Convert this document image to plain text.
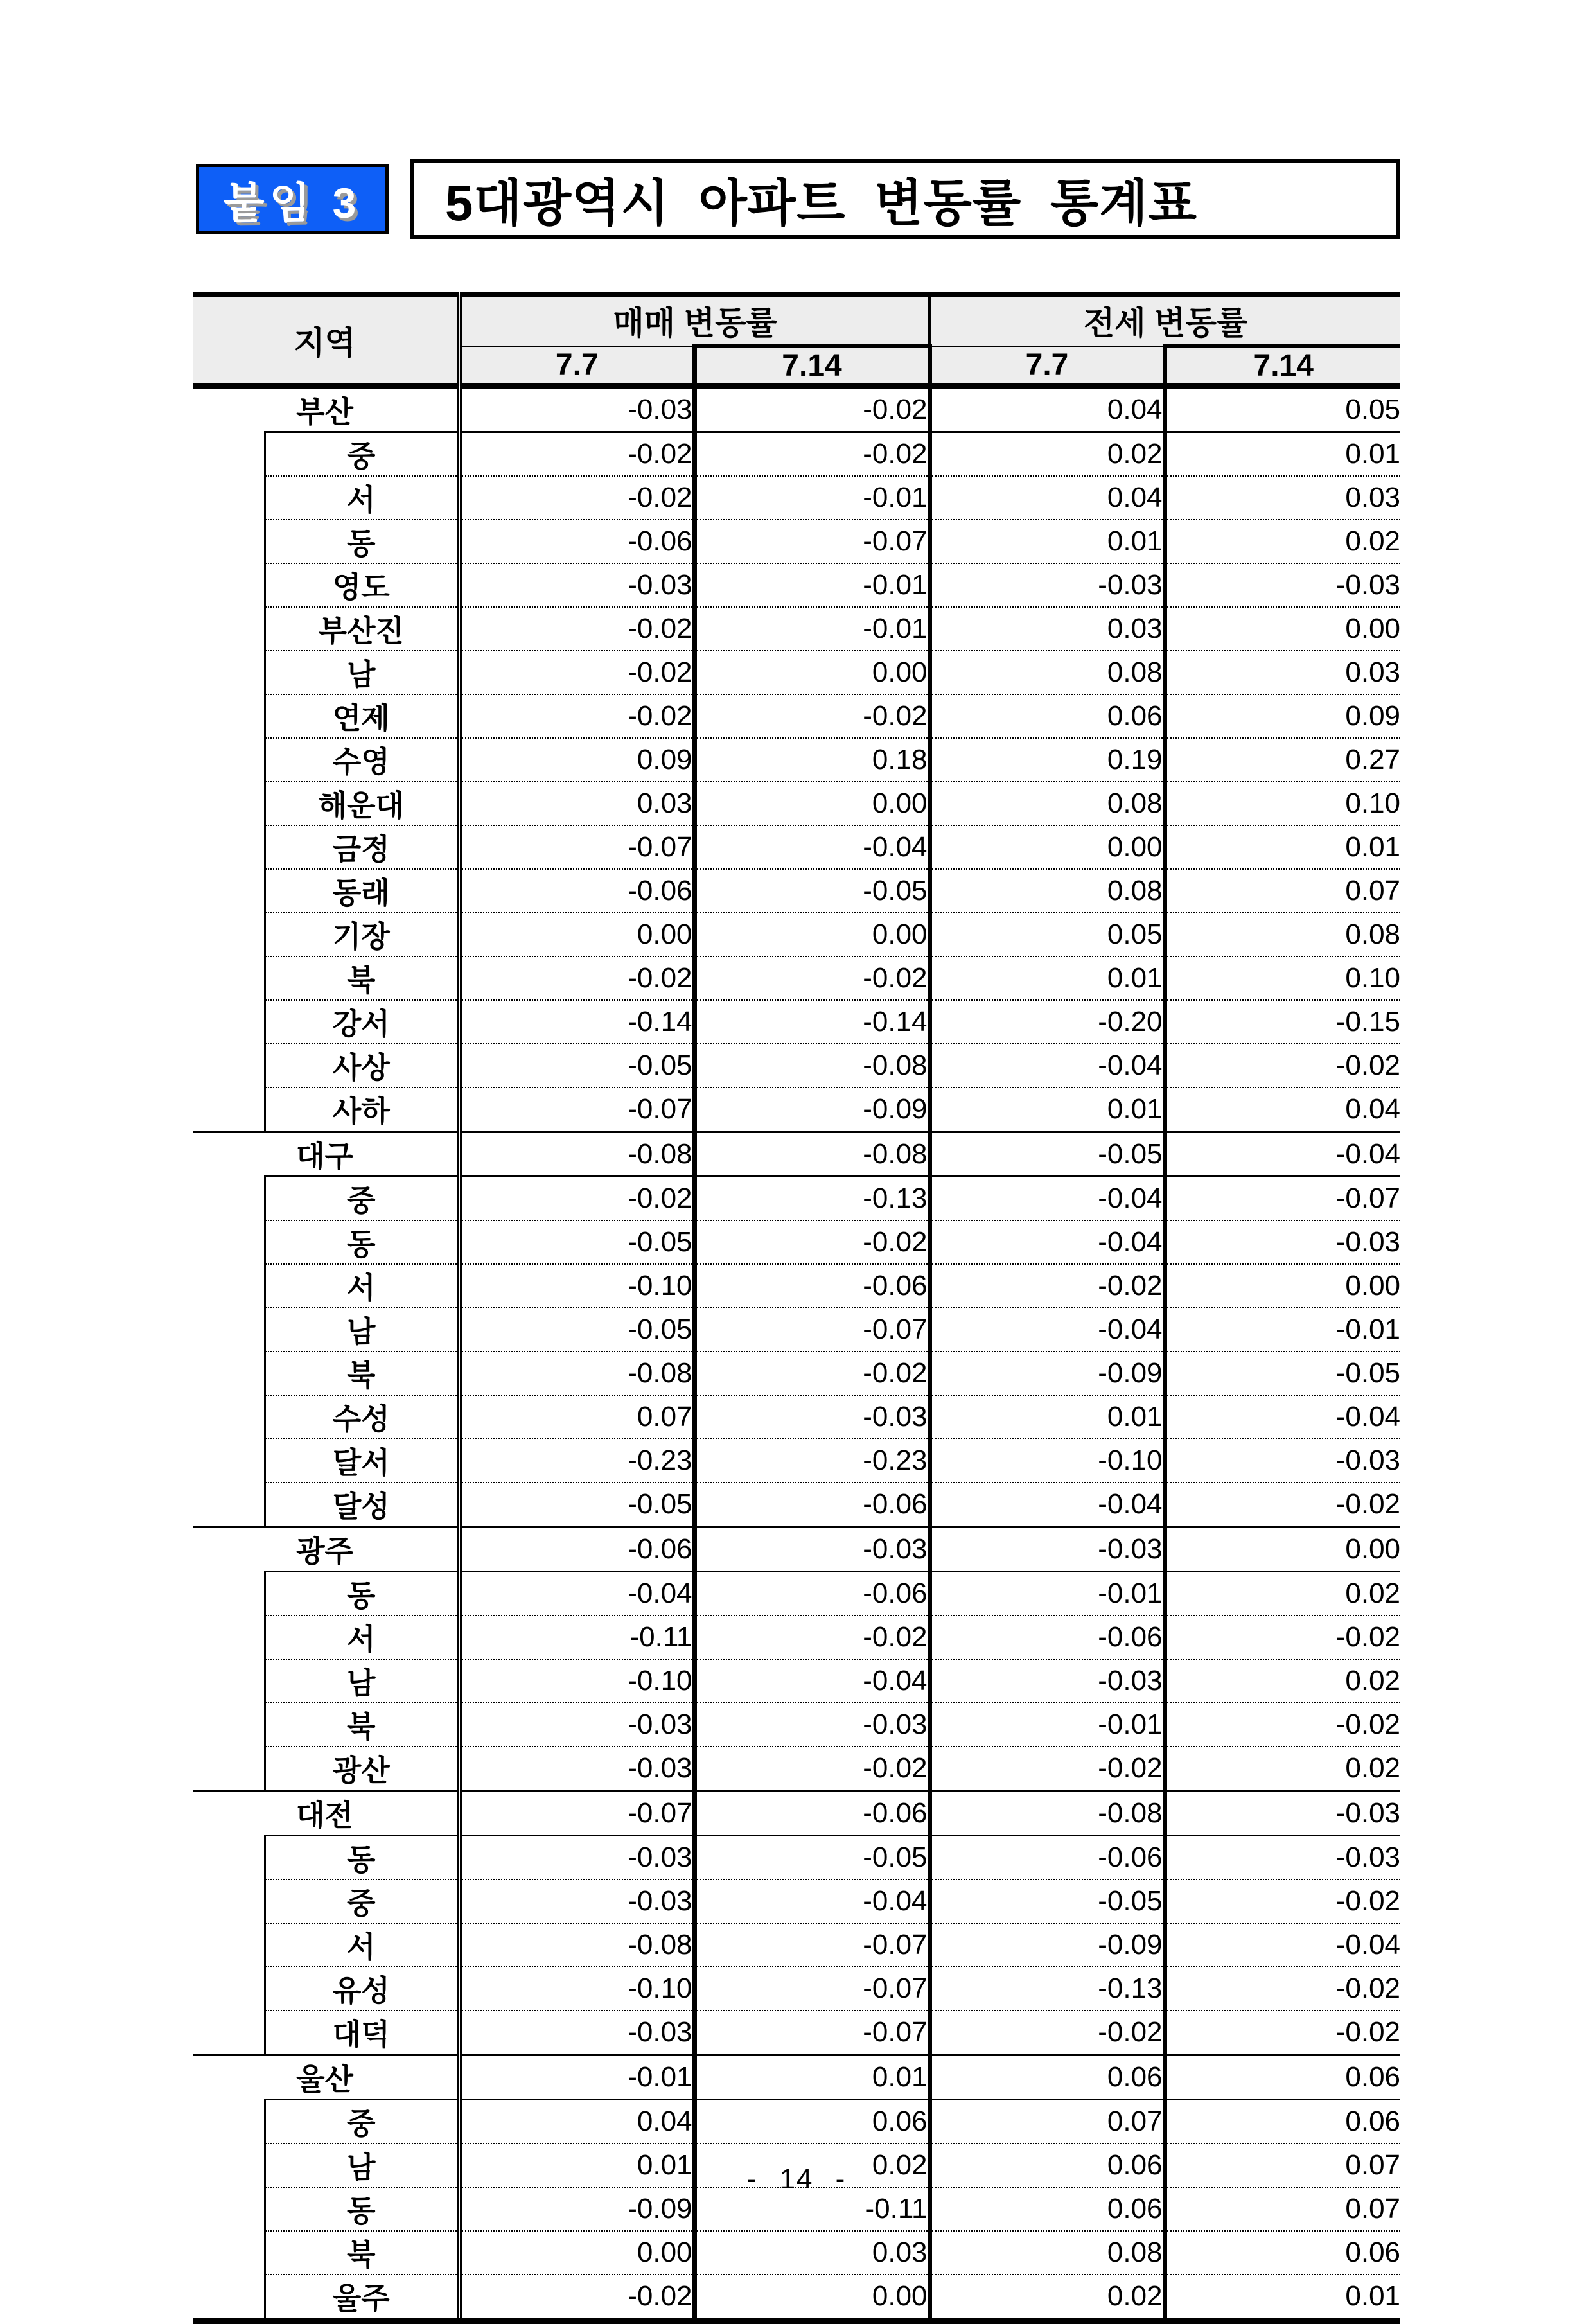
붙임 3 5대광역시 아파트 변동률 통계표
지역		매매 변동률		전세 변동률	
		7.7	7.14	7.7	7.14
부산		-0.03	-0.02	0.04	0.05
	중	-0.02	-0.02	0.02	0.01
	서	-0.02	-0.01	0.04	0.03
	동	-0.06	-0.07	0.01	0.02
	영도	-0.03	-0.01	-0.03	-0.03
	부산진	-0.02	-0.01	0.03	0.00
	남	-0.02	0.00	0.08	0.03
	연제	-0.02	-0.02	0.06	0.09
	수영	0.09	0.18	0.19	0.27
	해운대	0.03	0.00	0.08	0.10
	금정	-0.07	-0.04	0.00	0.01
	동래	-0.06	-0.05	0.08	0.07
	기장	0.00	0.00	0.05	0.08
	북	-0.02	-0.02	0.01	0.10
	강서	-0.14	-0.14	-0.20	-0.15
	사상	-0.05	-0.08	-0.04	-0.02
	사하	-0.07	-0.09	0.01	0.04
대구		-0.08	-0.08	-0.05	-0.04
	중	-0.02	-0.13	-0.04	-0.07
	동	-0.05	-0.02	-0.04	-0.03
	서	-0.10	-0.06	-0.02	0.00
	남	-0.05	-0.07	-0.04	-0.01
	북	-0.08	-0.02	-0.09	-0.05
	수성	0.07	-0.03	0.01	-0.04
	달서	-0.23	-0.23	-0.10	-0.03
	달성	-0.05	-0.06	-0.04	-0.02
광주		-0.06	-0.03	-0.03	0.00
	동	-0.04	-0.06	-0.01	0.02
	서	-0.11	-0.02	-0.06	-0.02
	남	-0.10	-0.04	-0.03	0.02
	북	-0.03	-0.03	-0.01	-0.02
	광산	-0.03	-0.02	-0.02	0.02
대전		-0.07	-0.06	-0.08	-0.03
	동	-0.03	-0.05	-0.06	-0.03
	중	-0.03	-0.04	-0.05	-0.02
	서	-0.08	-0.07	-0.09	-0.04
	유성	-0.10	-0.07	-0.13	-0.02
	대덕	-0.03	-0.07	-0.02	-0.02
울산		-0.01	0.01	0.06	0.06
	중	0.04	0.06	0.07	0.06
	남	0.01	0.02	0.06	0.07
	동	-0.09	-0.11	0.06	0.07
	북	0.00	0.03	0.08	0.06
	울주	-0.02	0.00	0.02	0.01
- 14 -
